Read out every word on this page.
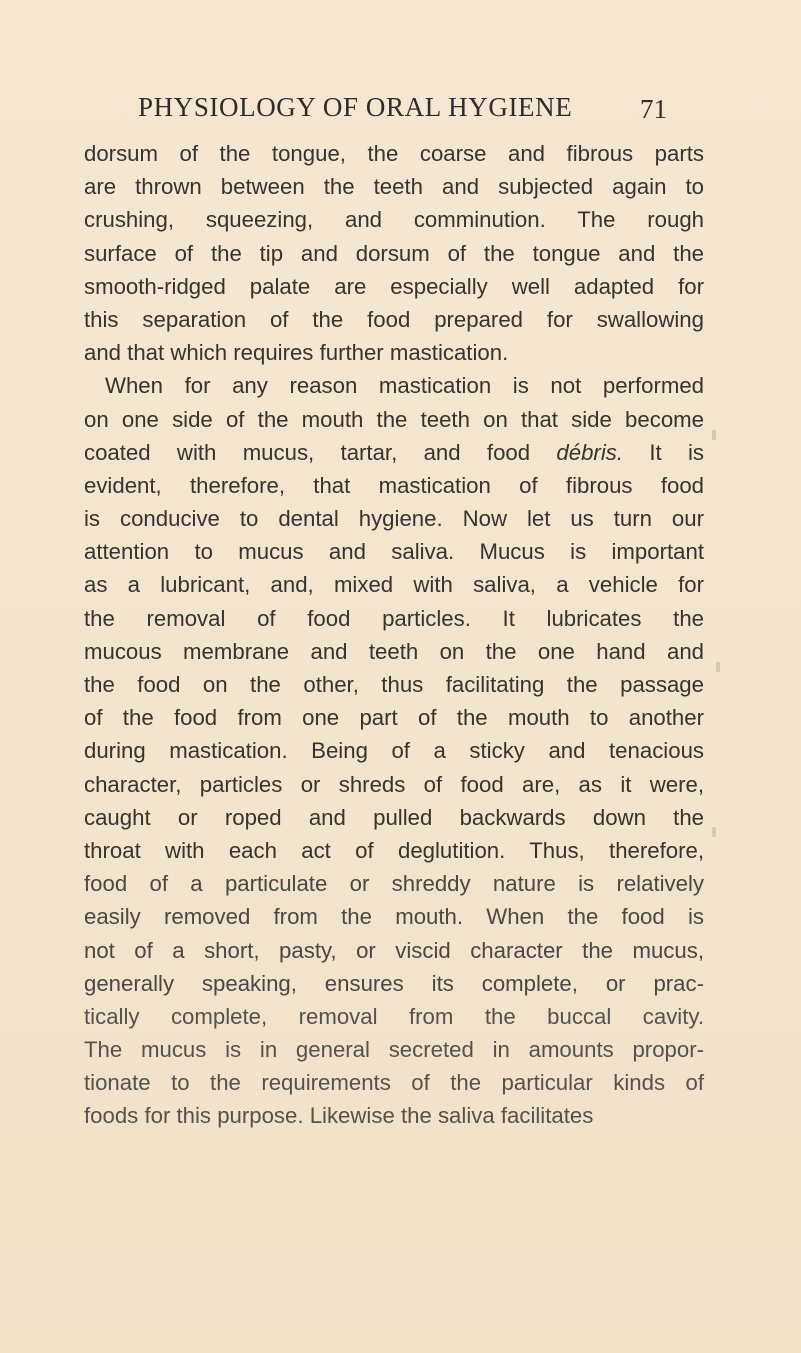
PHYSIOLOGY OF ORAL HYGIENE	71
dorsum of the tongue, the coarse and fibrous parts
are thrown between the teeth and subjected again to
crushing, squeezing, and comminution. The rough
surface of the tip and dorsum of the tongue and the
smooth-ridged palate are especially well adapted for
this separation of the food prepared for swallowing
and that which requires further mastication.
When for any reason mastication is not performed
on one side of the mouth the teeth on that side become
coated with mucus, tartar, and food débris. It is
evident, therefore, that mastication of fibrous food
is conducive to dental hygiene. Now let us turn our
attention to mucus and saliva. Mucus is important
as a lubricant, and, mixed with saliva, a vehicle for
the removal of food particles. It lubricates the
mucous membrane and teeth on the one hand and
the food on the other, thus facilitating the passage
of the food from one part of the mouth to another
during mastication. Being of a sticky and tenacious
character, particles or shreds of food are, as it were,
caught or roped and pulled backwards down the
throat with each act of deglutition. Thus, therefore,
food of a particulate or shreddy nature is relatively
easily removed from the mouth. When the food is
not of a short, pasty, or viscid character the mucus,
generally speaking, ensures its complete, or prac-
tically complete, removal from the buccal cavity.
The mucus is in general secreted in amounts propor-
tionate to the requirements of the particular kinds of
foods for this purpose. Likewise the saliva facilitates
